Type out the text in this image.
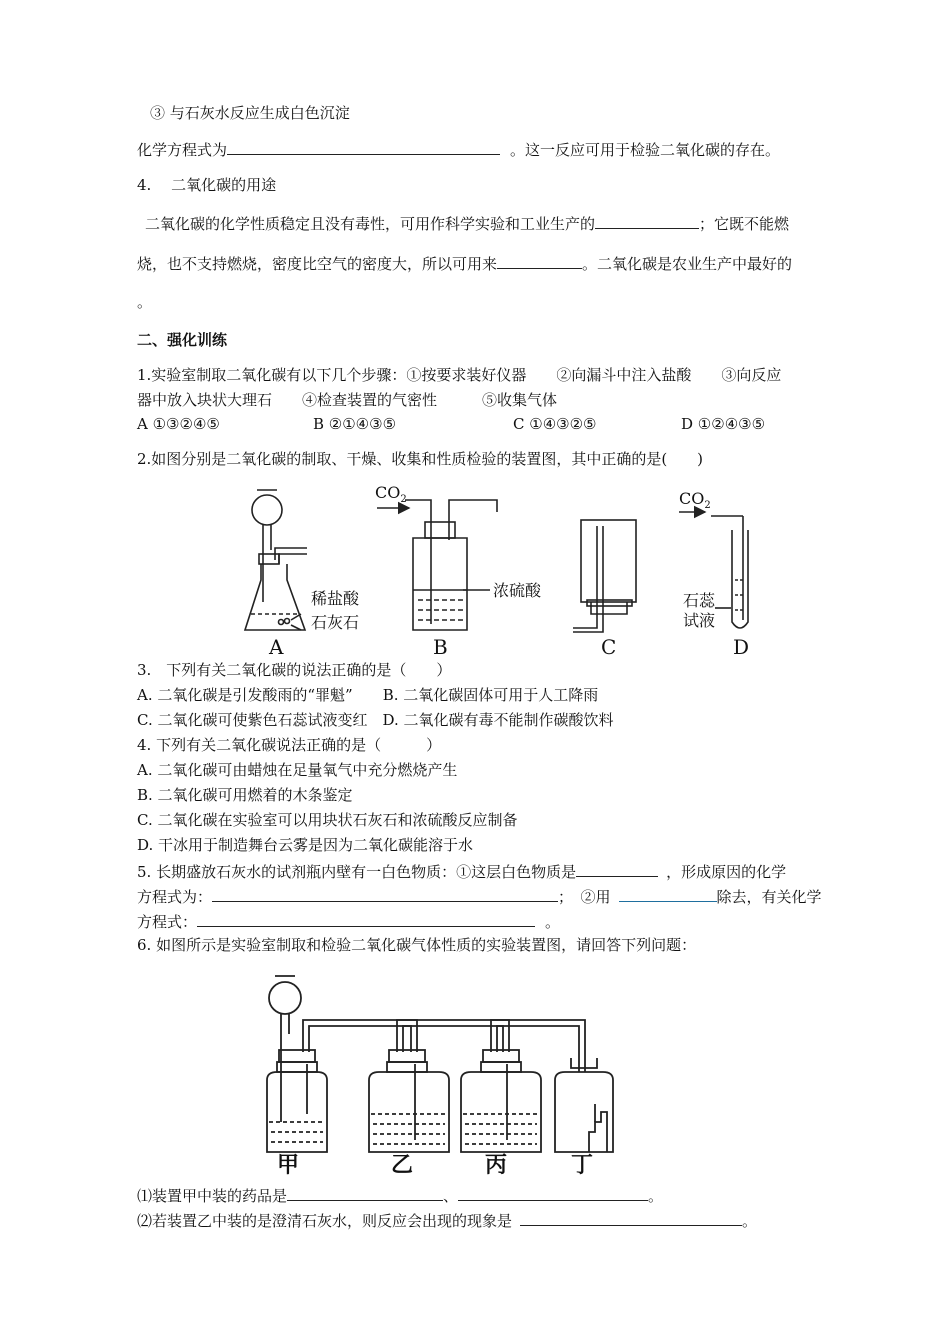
③ 与石灰水反应生成白色沉淀
化学方程式为	。这一反应可用于检验二氧化碳的存在。
4.　 二氧化碳的用途
二氧化碳的化学性质稳定且没有毒性，可用作科学实验和工业生产的	；它既不能燃
烧，也不支持燃烧，密度比空气的密度大，所以可用来	。二氧化碳是农业生产中最好的
。
二、强化训练
1.实验室制取二氧化碳有以下几个步骤：①按要求装好仪器　　②向漏斗中注入盐酸　　③向反应
器中放入块状大理石　　④检查装置的气密性　　　⑤收集气体
A ①③②④⑤	B ②①④③⑤	C ①④③②⑤	D ①②④③⑤
2.如图分别是二氧化碳的制取、干燥、收集和性质检验的装置图，其中正确的是(　　)
$CO_2$	$CO_2$
稀盐酸
石灰石
浓硫酸
石蕊
试液
A	B	C	D
3.　下列有关二氧化碳的说法正确的是（　　）
A. 二氧化碳是引发酸雨的“罪魁”　　B. 二氧化碳固体可用于人工降雨
C. 二氧化碳可使紫色石蕊试液变红　D. 二氧化碳有毒不能制作碳酸饮料
4. 下列有关二氧化碳说法正确的是（　　　）
A. 二氧化碳可由蜡烛在足量氧气中充分燃烧产生
B. 二氧化碳可用燃着的木条鉴定
C. 二氧化碳在实验室可以用块状石灰石和浓硫酸反应制备
D. 干冰用于制造舞台云雾是因为二氧化碳能溶于水
5. 长期盛放石灰水的试剂瓶内壁有一白色物质：①这层白色物质是	，形成原因的化学
方程式为：	；　②用	除去，有关化学
方程式：	。
6. 如图所示是实验室制取和检验二氧化碳气体性质的实验装置图，请回答下列问题：
甲	乙	丙	丁
⑴装置甲中装的药品是	、	。
⑵若装置乙中装的是澄清石灰水，则反应会出现的现象是	。
